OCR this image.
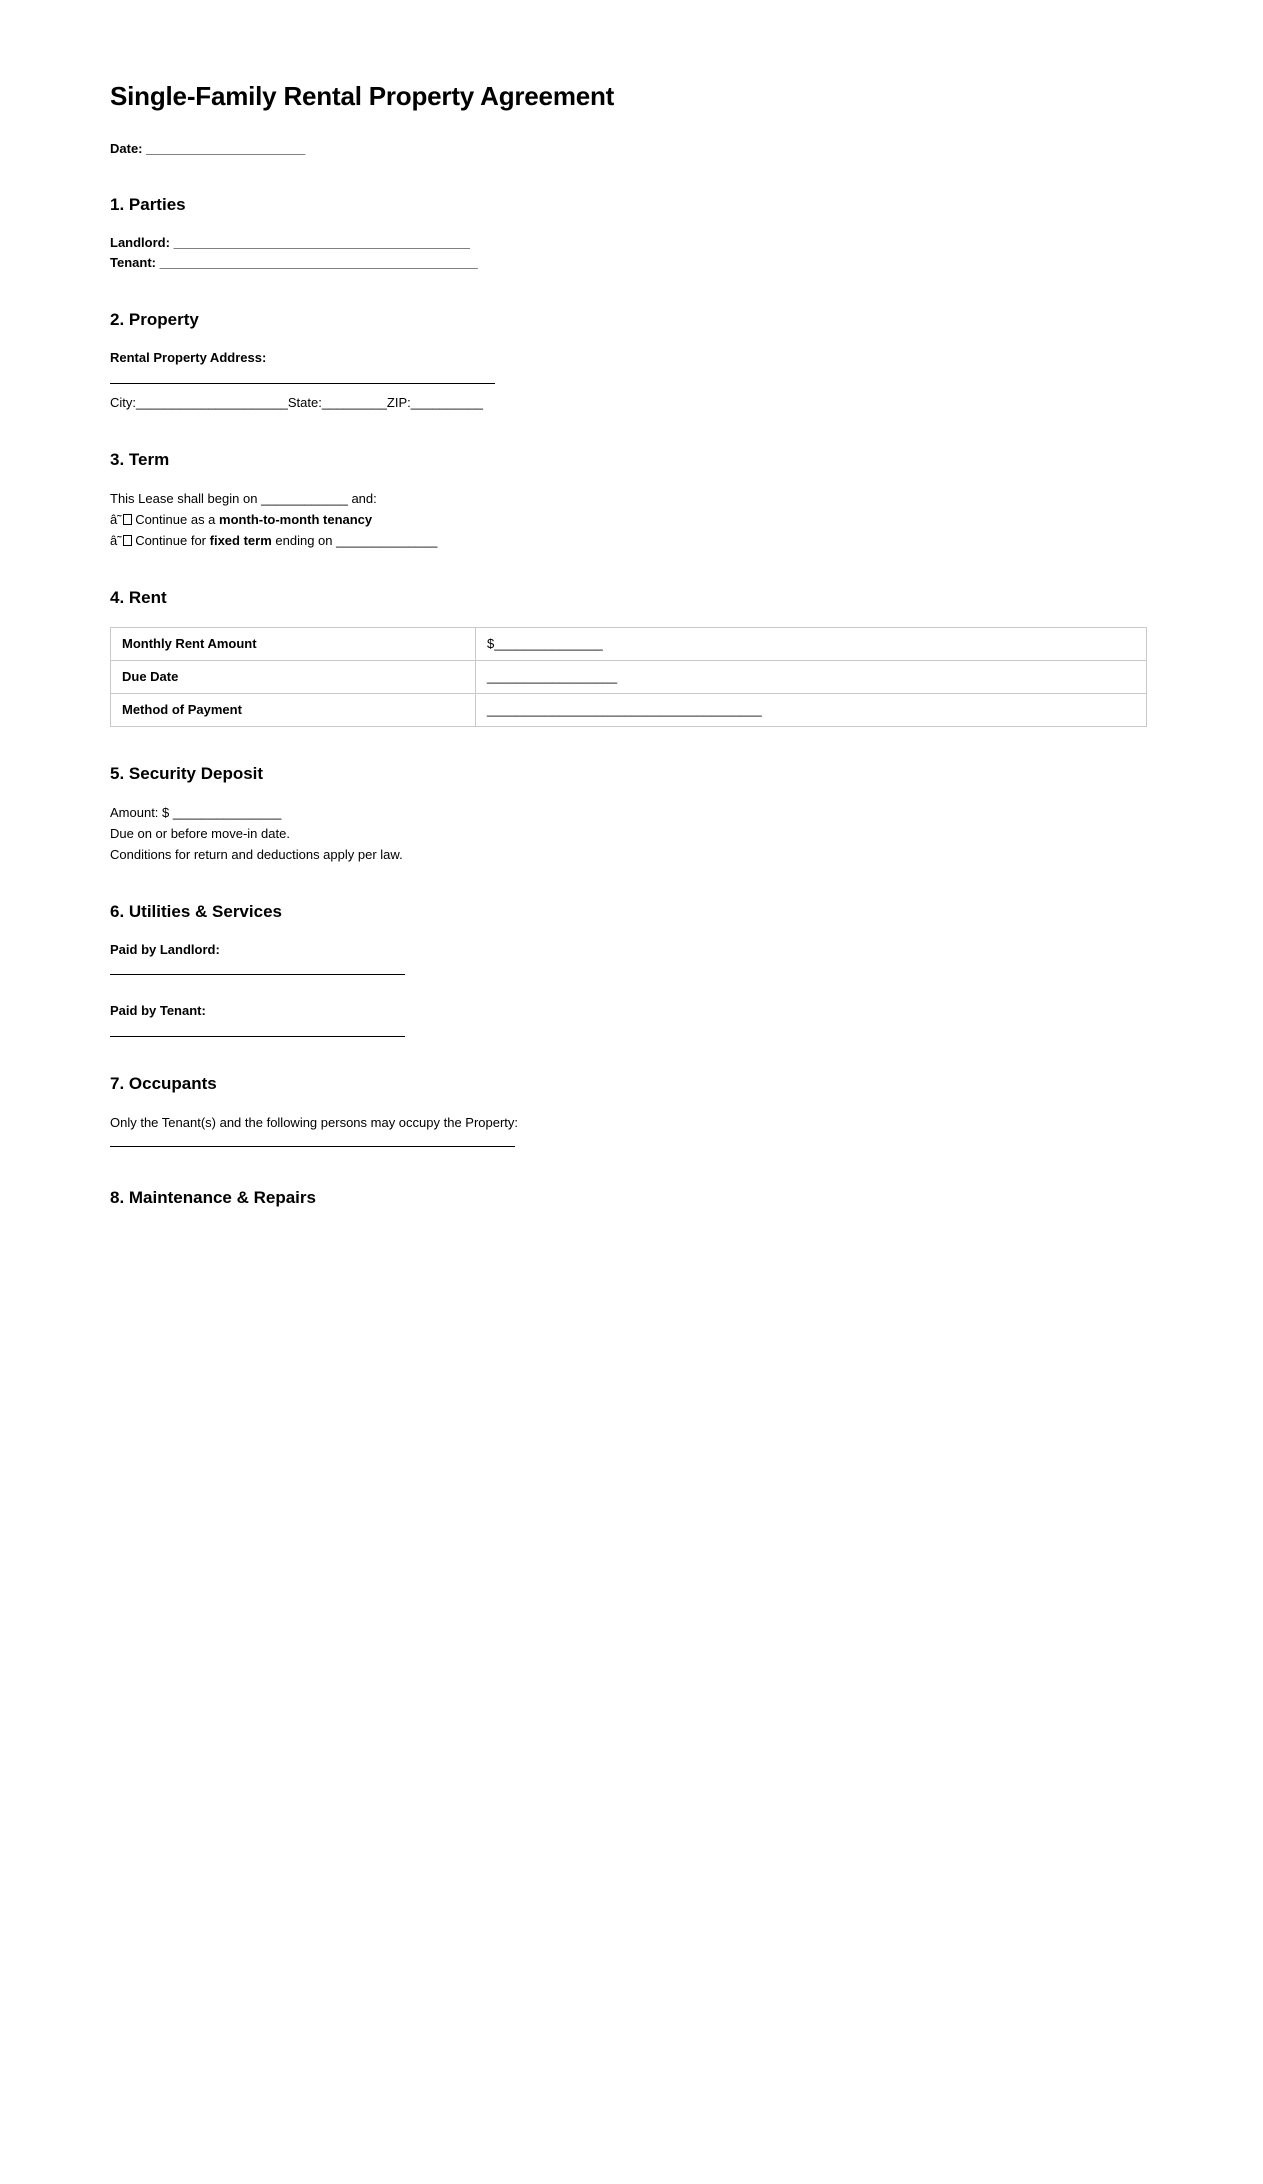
Single-Family Rental Property Agreement
Date: ______________________
1. Parties
Landlord: _________________________________________
Tenant: ____________________________________________
2. Property
Rental Property Address:
City:_____________________State:_________ZIP:__________
3. Term
This Lease shall begin on ____________ and:
â˜ Continue as a month-to-month tenancy
â˜ Continue for fixed term ending on ______________
4. Rent
Monthly Rent Amount	$_______________
Due Date	__________________
Method of Payment	______________________________________
5. Security Deposit
Amount: $ _______________
Due on or before move-in date.
Conditions for return and deductions apply per law.
6. Utilities & Services
Paid by Landlord:
Paid by Tenant:
7. Occupants
Only the Tenant(s) and the following persons may occupy the Property:
8. Maintenance & Repairs
